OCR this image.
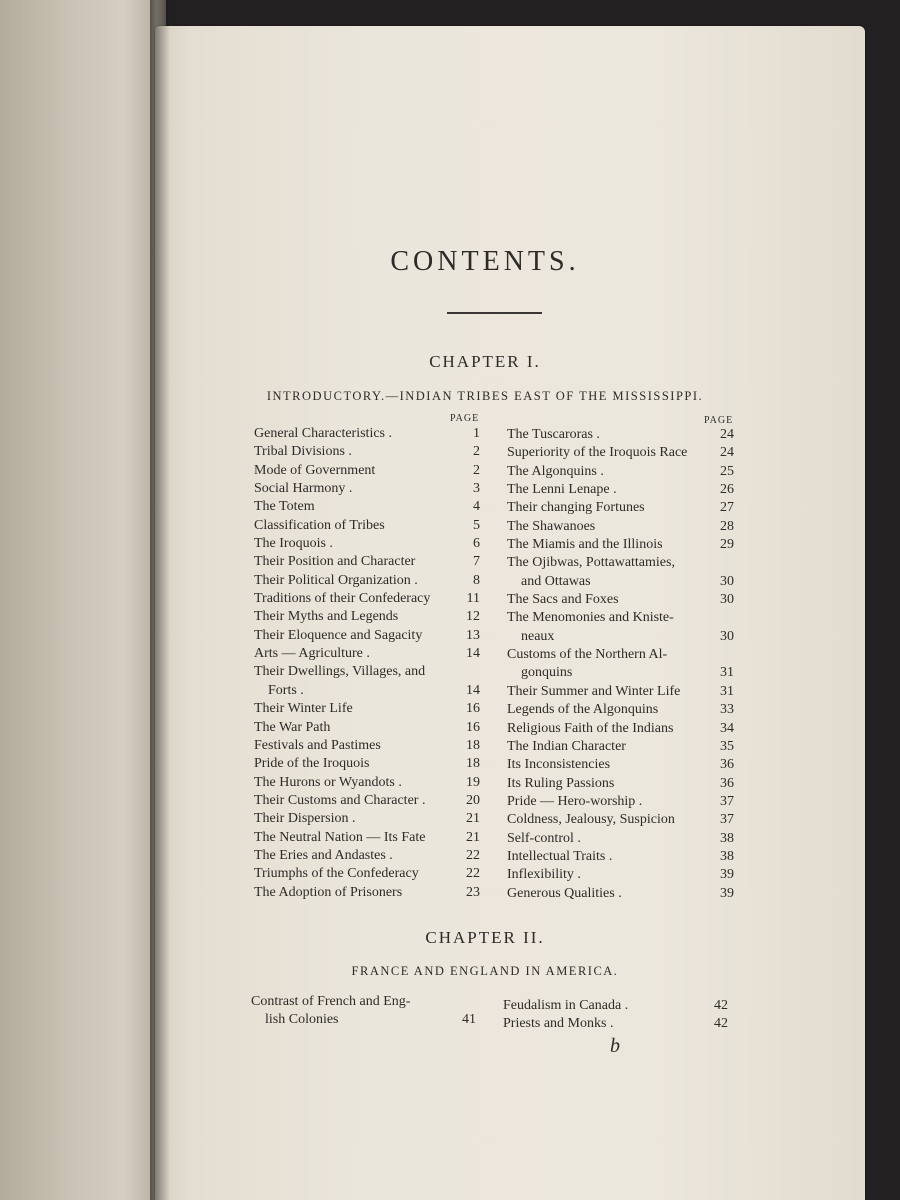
CONTENTS.
CHAPTER I.
INTRODUCTORY.—INDIAN TRIBES EAST OF THE MISSISSIPPI.
PAGE	PAGE
General Characteristics .	1
Tribal Divisions .	2
Mode of Government	2
Social Harmony .	3
The Totem	4
Classification of Tribes	5
The Iroquois .	6
Their Position and Character	7
Their Political Organization .	8
Traditions of their Confederacy	11
Their Myths and Legends	12
Their Eloquence and Sagacity	13
Arts — Agriculture .	14
Their Dwellings, Villages, and
Forts .	14
Their Winter Life	16
The War Path	16
Festivals and Pastimes	18
Pride of the Iroquois	18
The Hurons or Wyandots .	19
Their Customs and Character .	20
Their Dispersion .	21
The Neutral Nation — Its Fate	21
The Eries and Andastes .	22
Triumphs of the Confederacy	22
The Adoption of Prisoners	23
The Tuscaroras .	24
Superiority of the Iroquois Race 24
The Algonquins .	25
The Lenni Lenape .	26
Their changing Fortunes	27
The Shawanoes	28
The Miamis and the Illinois	29
The Ojibwas, Pottawattamies,
and Ottawas	30
The Sacs and Foxes	30
The Menomonies and Kniste-
neaux	30
Customs of the Northern Al-
gonquins	31
Their Summer and Winter Life	31
Legends of the Algonquins	33
Religious Faith of the Indians	34
The Indian Character	35
Its Inconsistencies	36
Its Ruling Passions	36
Pride — Hero-worship .	37
Coldness, Jealousy, Suspicion	37
Self-control .	38
Intellectual Traits .	38
Inflexibility .	39
Generous Qualities .	39
CHAPTER II.
FRANCE AND ENGLAND IN AMERICA.
Contrast of French and Eng-
lish Colonies	41
Feudalism in Canada .	42
Priests and Monks .	42
b
